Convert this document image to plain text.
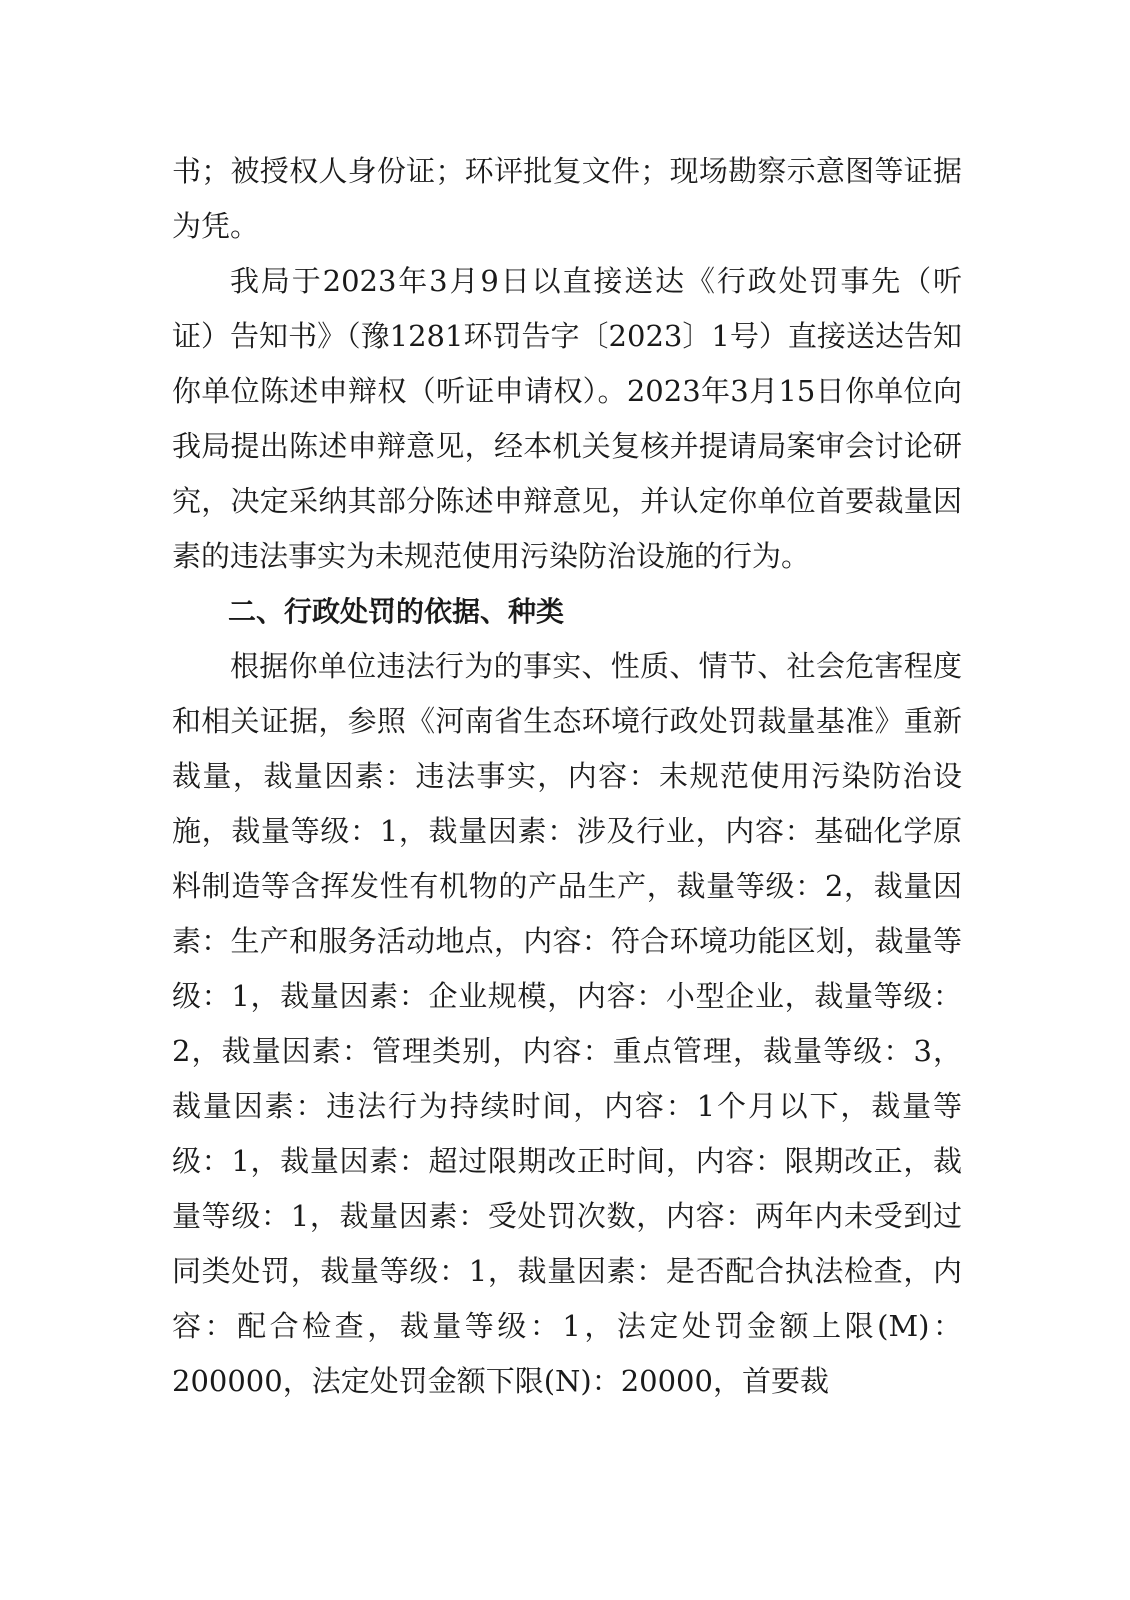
书；被授权人身份证；环评批复文件；现场勘察示意图等证据为凭。

我局于2023年3月9日以直接送达《行政处罚事先（听证）告知书》（豫1281环罚告字〔2023〕1号）直接送达告知你单位陈述申辩权（听证申请权）。2023年3月15日你单位向我局提出陈述申辩意见，经本机关复核并提请局案审会讨论研究，决定采纳其部分陈述申辩意见，并认定你单位首要裁量因素的违法事实为未规范使用污染防治设施的行为。

二、行政处罚的依据、种类

根据你单位违法行为的事实、性质、情节、社会危害程度和相关证据，参照《河南省生态环境行政处罚裁量基准》重新裁量，裁量因素：违法事实，内容：未规范使用污染防治设施，裁量等级：1，裁量因素：涉及行业，内容：基础化学原料制造等含挥发性有机物的产品生产，裁量等级：2，裁量因素：生产和服务活动地点，内容：符合环境功能区划，裁量等级：1，裁量因素：企业规模，内容：小型企业，裁量等级：2，裁量因素：管理类别，内容：重点管理，裁量等级：3，裁量因素：违法行为持续时间，内容：1个月以下，裁量等级：1，裁量因素：超过限期改正时间，内容：限期改正，裁量等级：1，裁量因素：受处罚次数，内容：两年内未受到过同类处罚，裁量等级：1，裁量因素：是否配合执法检查，内容：配合检查，裁量等级：1，法定处罚金额上限(M)：200000，法定处罚金额下限(N)：20000，首要裁
